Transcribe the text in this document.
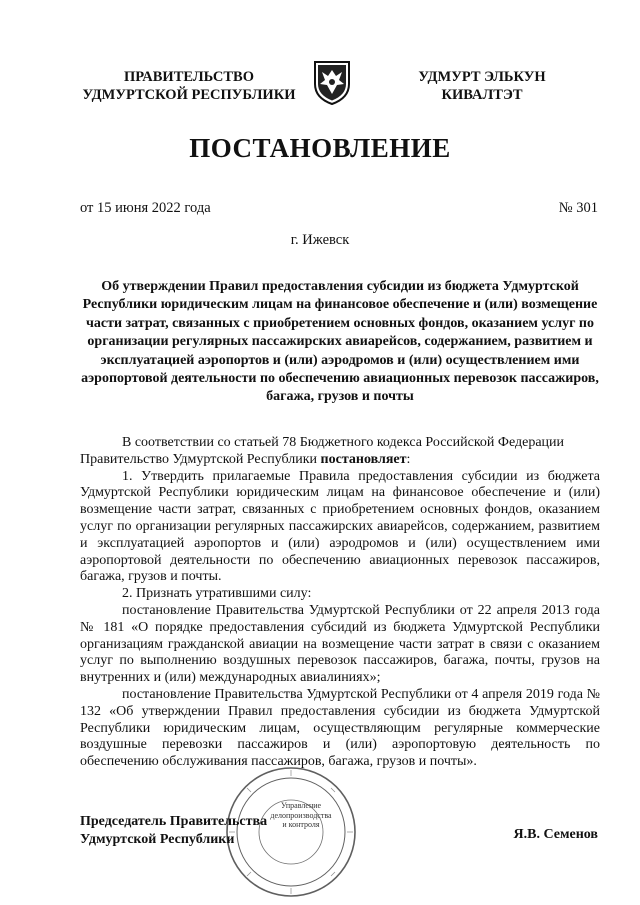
ПРАВИТЕЛЬСТВО
УДМУРТСКОЙ РЕСПУБЛИКИ
УДМУРТ ЭЛЬКУН
КИВАЛТЭТ
ПОСТАНОВЛЕНИЕ
от 15 июня 2022 года	№ 301
г. Ижевск
Об утверждении Правил предоставления субсидии из бюджета Удмуртской Республики юридическим лицам на финансовое обеспечение и (или) возмещение части затрат, связанных с приобретением основных фондов, оказанием услуг по организации регулярных пассажирских авиарейсов, содержанием, развитием и эксплуатацией аэропортов и (или) аэродромов и (или) осуществлением ими аэропортовой деятельности по обеспечению авиационных перевозок пассажиров, багажа, грузов и почты

В соответствии со статьей 78 Бюджетного кодекса Российской Федерации

Правительство Удмуртской Республики постановляет:

1. Утвердить прилагаемые Правила предоставления субсидии из бюджета Удмуртской Республики юридическим лицам на финансовое обеспечение и (или) возмещение части затрат, связанных с приобретением основных фондов, оказанием услуг по организации регулярных пассажирских авиарейсов, содержанием, развитием и эксплуатацией аэропортов и (или) аэродромов и (или) осуществлением ими аэропортовой деятельности по обеспечению авиационных перевозок пассажиров, багажа, грузов и почты.

2. Признать утратившими силу:

постановление Правительства Удмуртской Республики от 22 апреля 2013 года № 181 «О порядке предоставления субсидий из бюджета Удмуртской Республики организациям гражданской авиации на возмещение части затрат в связи с оказанием услуг по выполнению воздушных перевозок пассажиров, багажа, почты, грузов на внутренних и (или) международных авиалиниях»;

постановление Правительства Удмуртской Республики от 4 апреля 2019 года № 132 «Об утверждении Правил предоставления субсидии из бюджета Удмуртской Республики юридическим лицам, осуществляющим регулярные коммерческие воздушные перевозки пассажиров и (или) аэропортовую деятельность по обеспечению обслуживания пассажиров, багажа, грузов и почты».

Управление
делопроизводства
и контроля
Председатель Правительства
Удмуртской Республики	Я.В. Семенов
